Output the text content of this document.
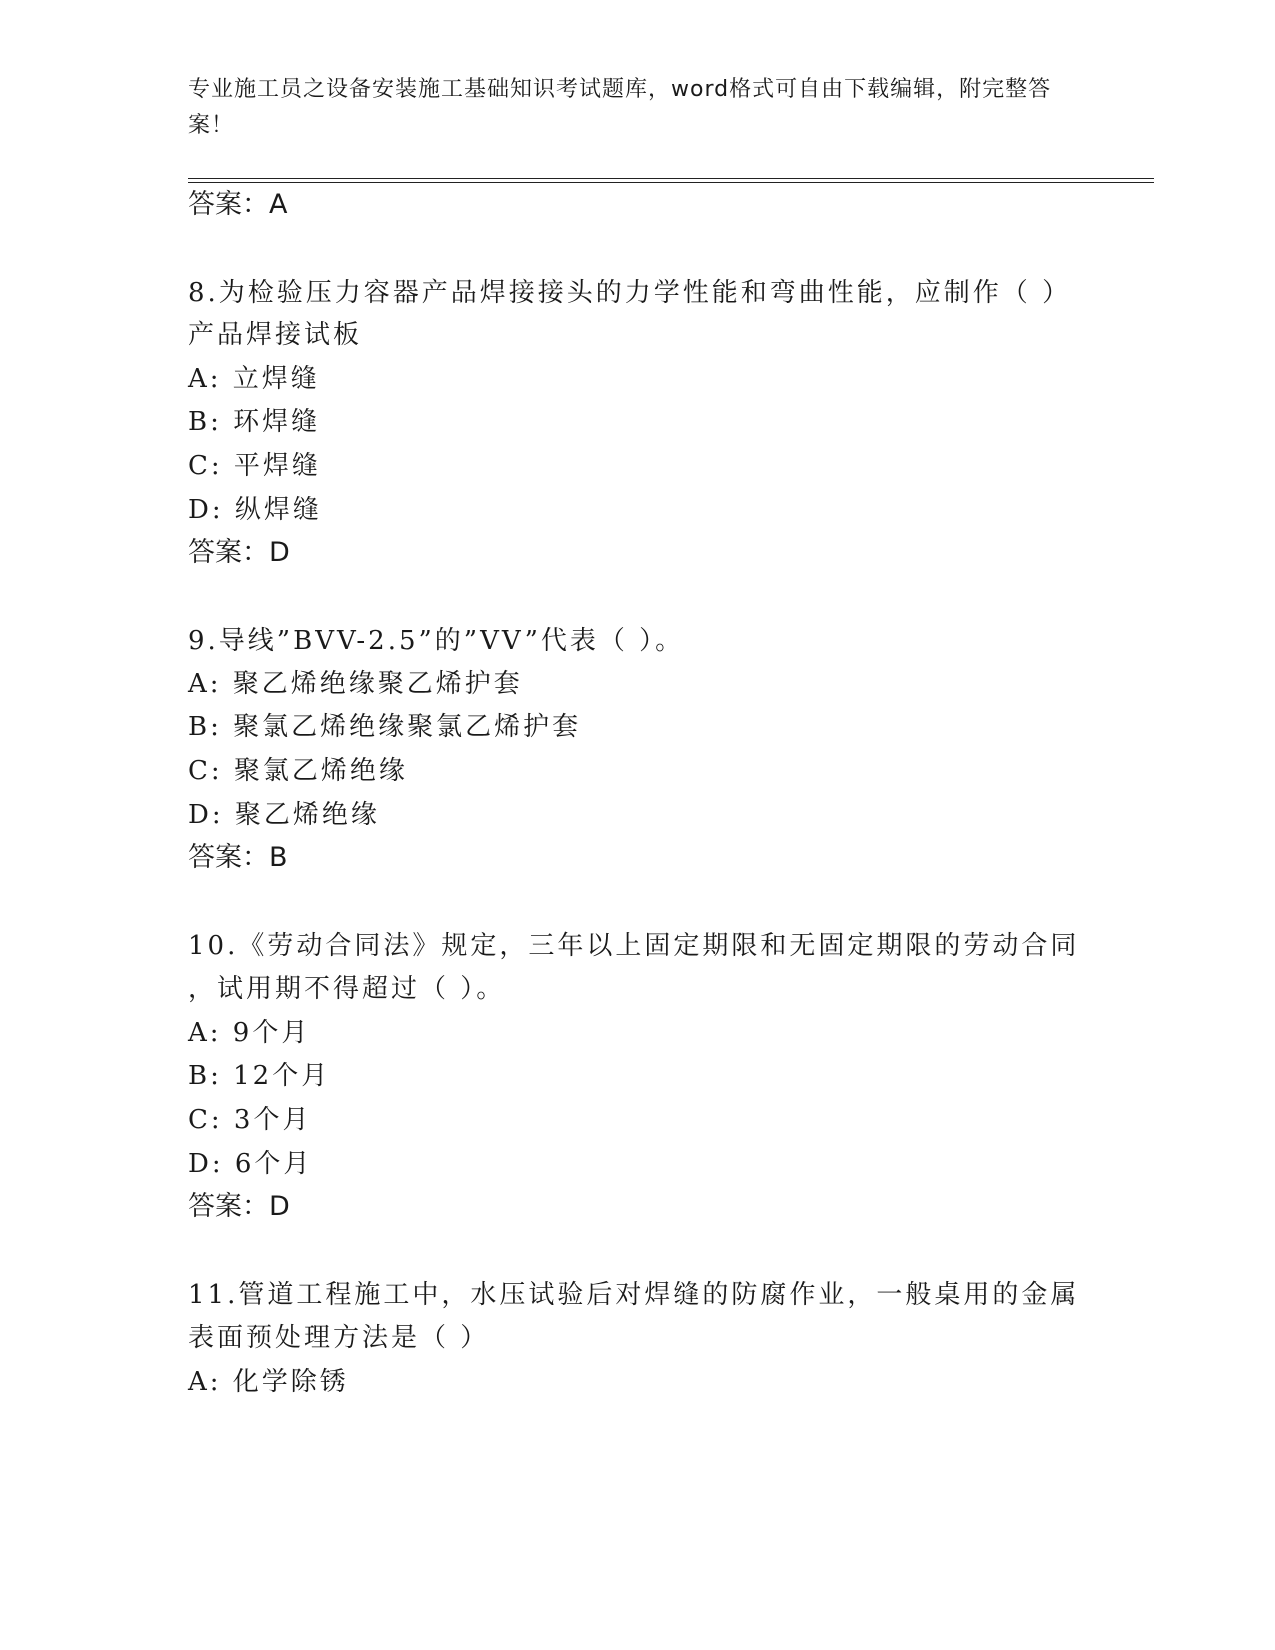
专业施工员之设备安装施工基础知识考试题库，word格式可自由下载编辑，附完整答案！
答案：A
8.为检验压力容器产品焊接接头的力学性能和弯曲性能，应制作（ ）
产品焊接试板
A: 立焊缝
B: 环焊缝
C: 平焊缝
D: 纵焊缝
答案：D
9.导线”BVV-2.5”的”VV”代表（ ）。
A: 聚乙烯绝缘聚乙烯护套
B: 聚氯乙烯绝缘聚氯乙烯护套
C: 聚氯乙烯绝缘
D: 聚乙烯绝缘
答案：B
10.《劳动合同法》规定，三年以上固定期限和无固定期限的劳动合同
，试用期不得超过（ ）。
A: 9个月
B: 12个月
C: 3个月
D: 6个月
答案：D
11.管道工程施工中，水压试验后对焊缝的防腐作业，一般桌用的金属
表面预处理方法是（ ）
A: 化学除锈
